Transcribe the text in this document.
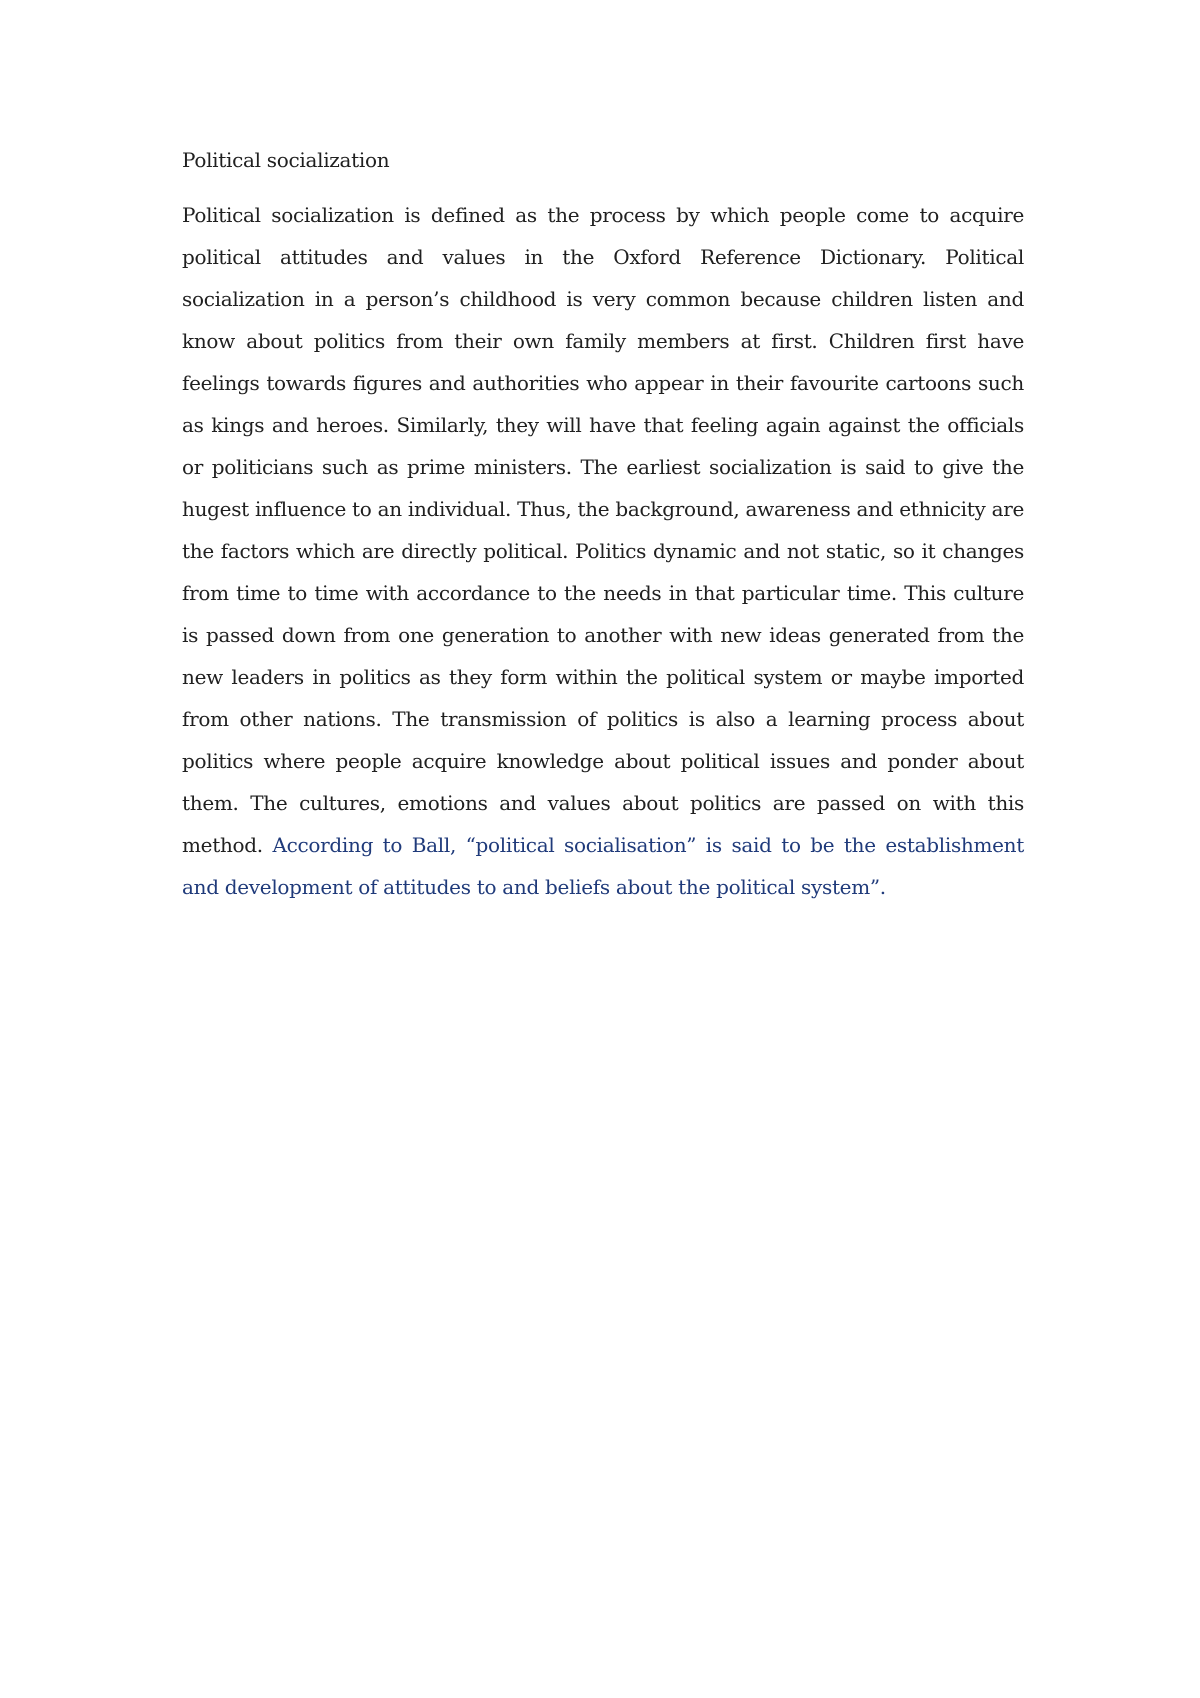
Political socialization

Political socialization is defined as the process by which people come to acquire political attitudes and values in the Oxford Reference Dictionary. Political socialization in a person’s childhood is very common because children listen and know about politics from their own family members at first. Children first have feelings towards figures and authorities who appear in their favourite cartoons such as kings and heroes. Similarly, they will have that feeling again against the officials or politicians such as prime ministers. The earliest socialization is said to give the hugest influence to an individual. Thus, the background, awareness and ethnicity are the factors which are directly political. Politics dynamic and not static, so it changes from time to time with accordance to the needs in that particular time. This culture is passed down from one generation to another with new ideas generated from the new leaders in politics as they form within the political system or maybe imported from other nations. The transmission of politics is also a learning process about politics where people acquire knowledge about political issues and ponder about them. The cultures, emotions and values about politics are passed on with this method. According to Ball, “political socialisation” is said to be the establishment and development of attitudes to and beliefs about the political system”.
